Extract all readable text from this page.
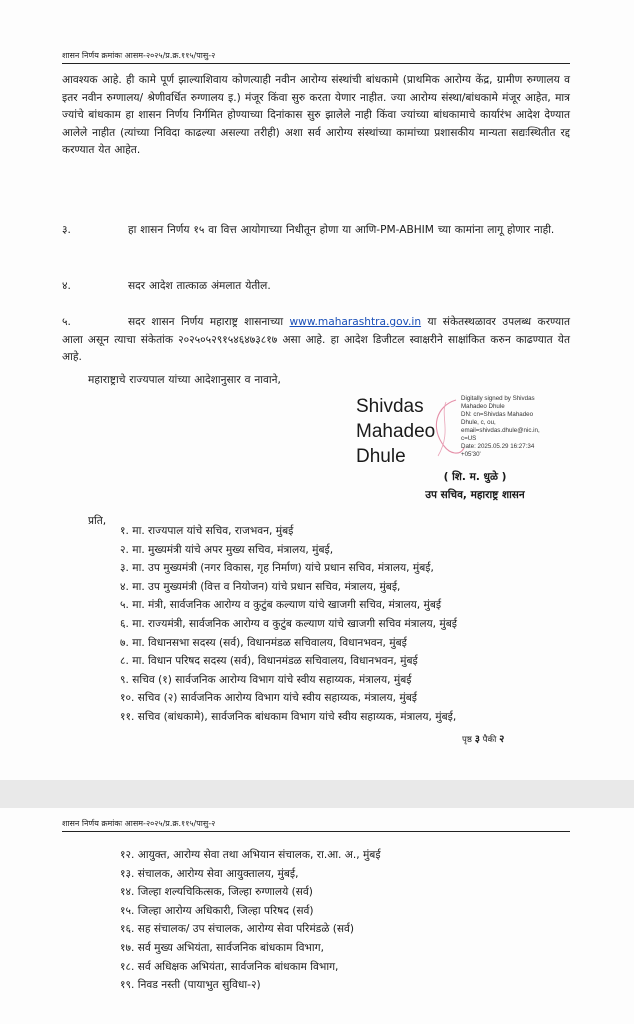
शासन निर्णय क्रमांकः आसम-२०२५/प्र.क्र.११५/पासु-२

आवश्यक आहे. ही कामे पूर्ण झाल्याशिवाय कोणत्याही नवीन आरोग्य संस्थांची बांधकामे (प्राथमिक आरोग्य केंद्र, ग्रामीण रुग्णालय व इतर नवीन रुग्णालय/ श्रेणीवर्धित रुग्णालय इ.) मंजूर किंवा सुरु करता येणार नाहीत. ज्या आरोग्य संस्था/बांधकामे मंजूर आहेत, मात्र ज्यांचे बांधकाम हा शासन निर्णय निर्गमित होण्याच्या दिनांकास सुरु झालेले नाही किंवा ज्यांच्या बांधकामाचे कार्यारंभ आदेश देण्यात आलेले नाहीत (त्यांच्या निविदा काढल्या असल्या तरीही) अशा सर्व आरोग्य संस्थांच्या कामांच्या प्रशासकीय मान्यता सद्यःस्थितीत रद्द करण्यात येत आहेत.

३.	हा शासन निर्णय १५ वा वित्त आयोगाच्या निधीतून होणा या आणि-PM-ABHIM च्या कामांना लागू होणार नाही.

४.	सदर आदेश तात्काळ अंमलात येतील.

५.	सदर शासन निर्णय महाराष्ट्र शासनाच्या www.maharashtra.gov.in या संकेतस्थळावर उपलब्ध करण्यात आला असून त्याचा संकेतांक २०२५०५२९१५४६४७३८१७ असा आहे. हा आदेश डिजीटल स्वाक्षरीने साक्षांकित करुन काढण्यात येत आहे.

महाराष्ट्राचे राज्यपाल यांच्या आदेशानुसार व नावाने,

Shivdas
Mahadeo
Dhule
Digitally signed by Shivdas
Mahadeo Dhule
DN: cn=Shivdas Mahadeo
Dhule, c, ou,
email=shivdas.dhule@nic.in,
c=US
Date: 2025.05.29 16:27:34
+05'30'
( शि. म. धुळे )
उप सचिव, महाराष्ट्र शासन
प्रति,
१. मा. राज्यपाल यांचे सचिव, राजभवन, मुंबई
२. मा. मुख्यमंत्री यांचे अपर मुख्य सचिव, मंत्रालय, मुंबई,
३. मा. उप मुख्यमंत्री (नगर विकास, गृह निर्माण) यांचे प्रधान सचिव, मंत्रालय, मुंबई,
४. मा. उप मुख्यमंत्री (वित्त व नियोजन) यांचे प्रधान सचिव, मंत्रालय, मुंबई,
५. मा. मंत्री, सार्वजनिक आरोग्य व कुटुंब कल्याण यांचे खाजगी सचिव, मंत्रालय, मुंबई
६. मा. राज्यमंत्री, सार्वजनिक आरोग्य व कुटुंब कल्याण यांचे खाजगी सचिव मंत्रालय, मुंबई
७. मा. विधानसभा सदस्य (सर्व), विधानमंडळ सचिवालय, विधानभवन, मुंबई
८. मा. विधान परिषद सदस्य (सर्व), विधानमंडळ सचिवालय, विधानभवन, मुंबई
९. सचिव (१) सार्वजनिक आरोग्य विभाग यांचे स्वीय सहाय्यक, मंत्रालय, मुंबई
१०. सचिव (२) सार्वजनिक आरोग्य विभाग यांचे स्वीय सहाय्यक, मंत्रालय, मुंबई
११. सचिव (बांधकामे), सार्वजनिक बांधकाम विभाग यांचे स्वीय सहाय्यक, मंत्रालय, मुंबई,
पृष्ठ ३ पैकी २
शासन निर्णय क्रमांकः आसम-२०२५/प्र.क्र.११५/पासु-२
१२. आयुक्त, आरोग्य सेवा तथा अभियान संचालक, रा.आ. अ., मुंबई
१३. संचालक, आरोग्य सेवा आयुक्तालय, मुंबई,
१४. जिल्हा शल्यचिकित्सक, जिल्हा रुग्णालये (सर्व)
१५. जिल्हा आरोग्य अधिकारी, जिल्हा परिषद (सर्व)
१६. सह संचालक/ उप संचालक, आरोग्य सेवा परिमंडळे (सर्व)
१७. सर्व मुख्य अभियंता, सार्वजनिक बांधकाम विभाग,
१८. सर्व अधिक्षक अभियंता, सार्वजनिक बांधकाम विभाग,
१९. निवड नस्ती (पायाभुत सुविधा-२)
